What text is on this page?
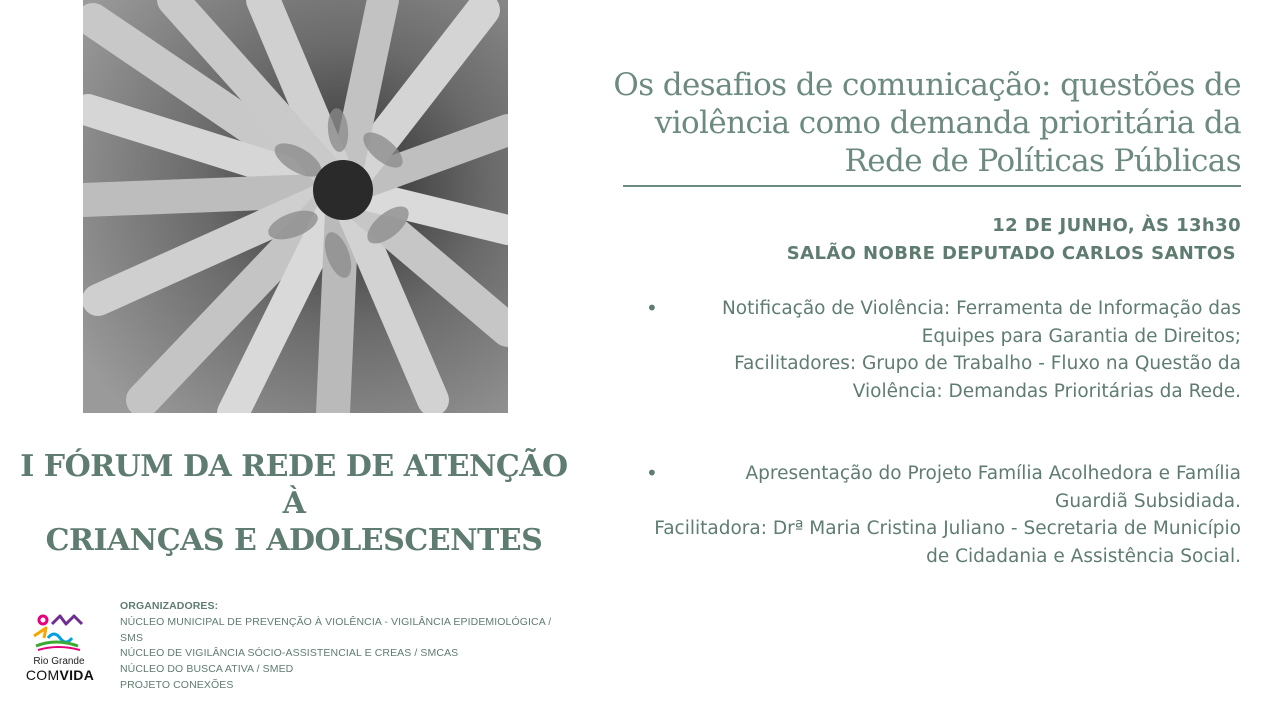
I FÓRUM DA REDE DE ATENÇÃO À
CRIANÇAS E ADOLESCENTES
Rio Grande
COMVIDA
ORGANIZADORES:
NÚCLEO MUNICIPAL DE PREVENÇÃO À VIOLÊNCIA - VIGILÂNCIA EPIDEMIOLÓGICA / SMS
NÚCLEO DE VIGILÂNCIA SÓCIO-ASSISTENCIAL E CREAS / SMCAS
NÚCLEO DO BUSCA ATIVA / SMED
PROJETO CONEXÕES
Os desafios de comunicação: questões de
violência como demanda prioritária da
Rede de Políticas Públicas
12 DE JUNHO, ÀS 13h30
SALÃO NOBRE DEPUTADO CARLOS SANTOS
•	Notificação de Violência: Ferramenta de Informação das Equipes para Garantia de Direitos;

Facilitadores: Grupo de Trabalho - Fluxo na Questão da Violência: Demandas Prioritárias da Rede.

•	Apresentação do Projeto Família Acolhedora e Família Guardiã Subsidiada.

Facilitadora: Drª Maria Cristina Juliano - Secretaria de Município de Cidadania e Assistência Social.
